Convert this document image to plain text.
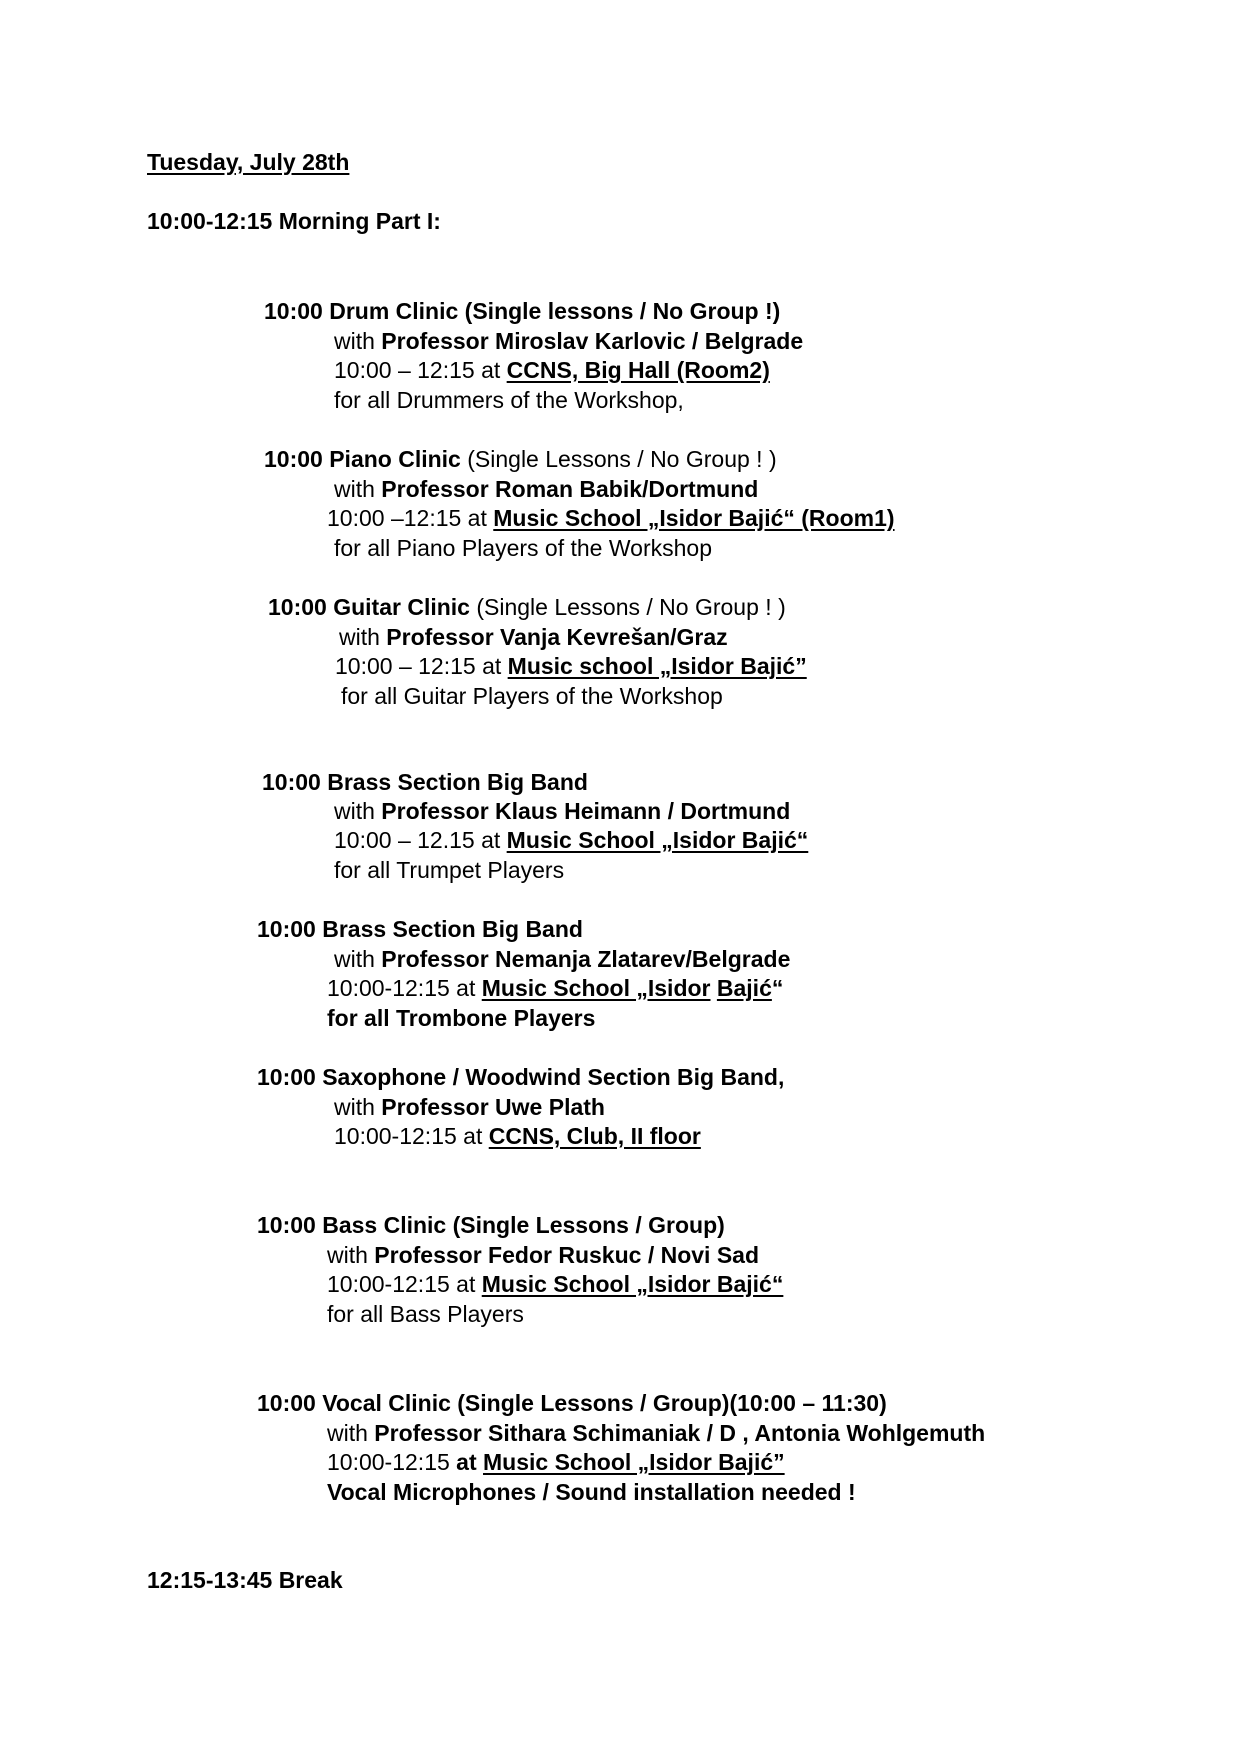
Tuesday, July 28th
10:00-12:15 Morning Part I:
10:00 Drum Clinic (Single lessons / No Group !)
with Professor Miroslav Karlovic / Belgrade
10:00 – 12:15 at CCNS, Big Hall (Room2)
for all Drummers of the Workshop,
10:00 Piano Clinic (Single Lessons / No Group ! )
with Professor Roman Babik/Dortmund
10:00 –12:15 at Music School „Isidor Bajić“ (Room1)
for all Piano Players of the Workshop
10:00 Guitar Clinic (Single Lessons / No Group ! )
with Professor Vanja Kevrešan/Graz
10:00 – 12:15 at Music school „Isidor Bajić”
for all Guitar Players of the Workshop
10:00 Brass Section Big Band
with Professor Klaus Heimann / Dortmund
10:00 – 12.15 at Music School „Isidor Bajić“
for all Trumpet Players
10:00 Brass Section Big Band
with Professor Nemanja Zlatarev/Belgrade
10:00-12:15 at Music School „Isidor Bajić“
for all Trombone Players
10:00 Saxophone / Woodwind Section Big Band,
with Professor Uwe Plath
10:00-12:15 at CCNS, Club, II floor
10:00 Bass Clinic (Single Lessons / Group)
with Professor Fedor Ruskuc / Novi Sad
10:00-12:15 at Music School „Isidor Bajić“
for all Bass Players
10:00 Vocal Clinic (Single Lessons / Group)(10:00 – 11:30)
with Professor Sithara Schimaniak / D , Antonia Wohlgemuth
10:00-12:15 at Music School „Isidor Bajić”
Vocal Microphones / Sound installation needed !
12:15-13:45 Break
